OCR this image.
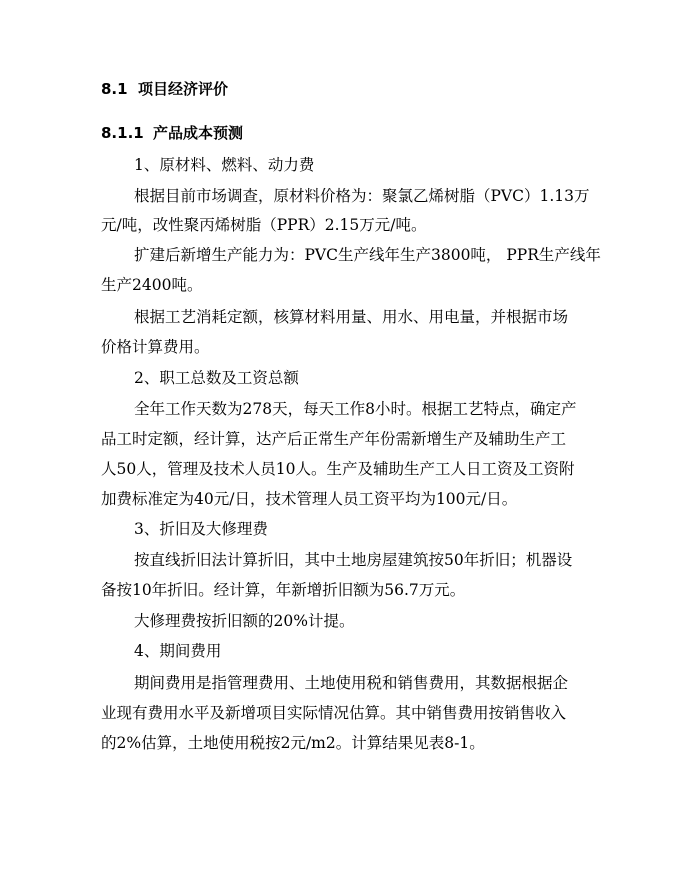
8.1 项目经济评价
8.1.1 产品成本预测
1、原材料、燃料、动力费
根据目前市场调查，原材料价格为：聚氯乙烯树脂（PVC）1.13万
元/吨，改性聚丙烯树脂（PPR）2.15万元/吨。
扩建后新增生产能力为：PVC生产线年生产3800吨， PPR生产线年
生产2400吨。
根据工艺消耗定额，核算材料用量、用水、用电量，并根据市场
价格计算费用。
2、职工总数及工资总额
全年工作天数为278天，每天工作8小时。根据工艺特点，确定产
品工时定额，经计算，达产后正常生产年份需新增生产及辅助生产工
人50人，管理及技术人员10人。生产及辅助生产工人日工资及工资附
加费标准定为40元/日，技术管理人员工资平均为100元/日。
3、折旧及大修理费
按直线折旧法计算折旧，其中土地房屋建筑按50年折旧；机器设
备按10年折旧。经计算，年新增折旧额为56.7万元。
大修理费按折旧额的20%计提。
4、期间费用
期间费用是指管理费用、土地使用税和销售费用，其数据根据企
业现有费用水平及新增项目实际情况估算。其中销售费用按销售收入
的2%估算，土地使用税按2元/m2。计算结果见表8-1。
